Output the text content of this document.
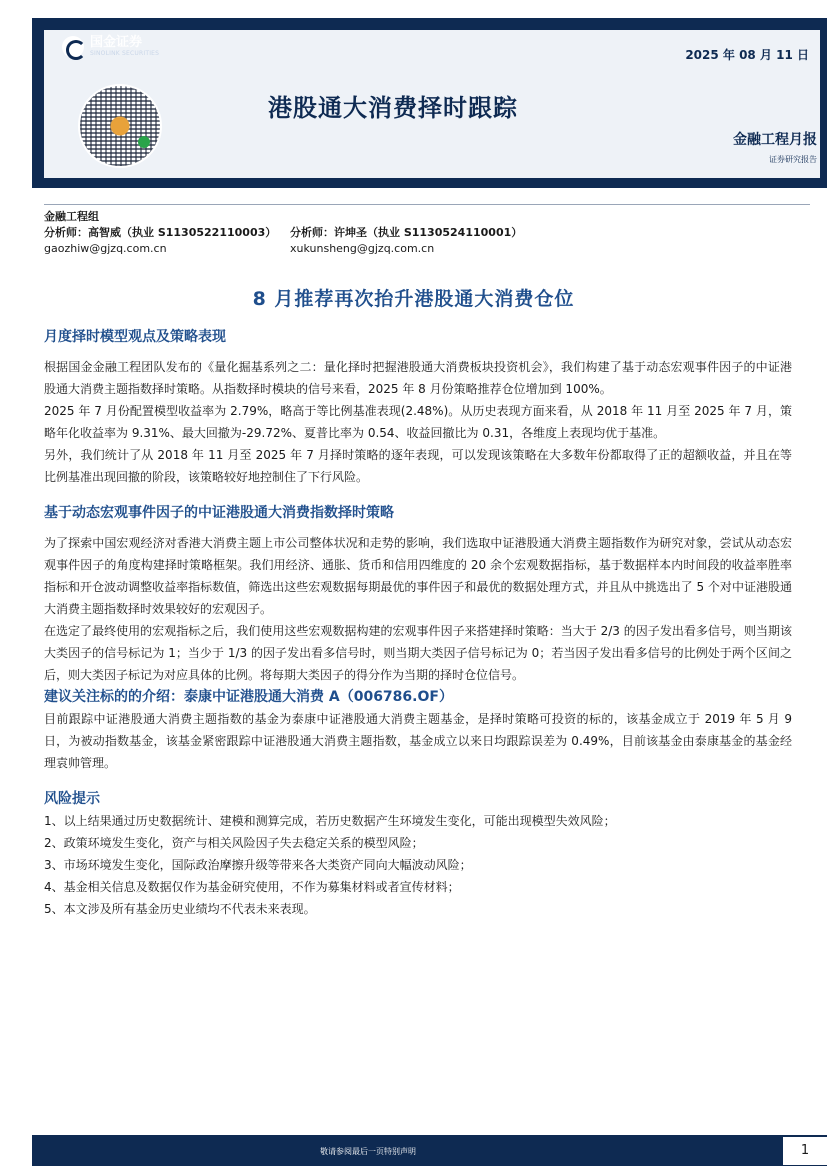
国金证券
SINOLINK SECURITIES	2025 年 08 月 11 日
港股通大消费择时跟踪
金融工程月报
证券研究报告
金融工程组
分析师：高智威（执业 S1130522110003）	分析师：许坤圣（执业 S1130524110001）
gaozhiw@gjzq.com.cn	xukunsheng@gjzq.com.cn
8 月推荐再次抬升港股通大消费仓位
月度择时模型观点及策略表现
根据国金金融工程团队发布的《量化掘基系列之二：量化择时把握港股通大消费板块投资机会》，我们构建了基于动态宏观事件因子的中证港股通大消费主题指数择时策略。从指数择时模块的信号来看，2025 年 8 月份策略推荐仓位增加到 100%。
2025 年 7 月份配置模型收益率为 2.79%，略高于等比例基准表现(2.48%)。从历史表现方面来看，从 2018 年 11 月至 2025 年 7 月，策略年化收益率为 9.31%、最大回撤为-29.72%、夏普比率为 0.54、收益回撤比为 0.31，各维度上表现均优于基准。
另外，我们统计了从 2018 年 11 月至 2025 年 7 月择时策略的逐年表现，可以发现该策略在大多数年份都取得了正的超额收益，并且在等比例基准出现回撤的阶段，该策略较好地控制住了下行风险。
基于动态宏观事件因子的中证港股通大消费指数择时策略
为了探索中国宏观经济对香港大消费主题上市公司整体状况和走势的影响，我们选取中证港股通大消费主题指数作为研究对象，尝试从动态宏观事件因子的角度构建择时策略框架。我们用经济、通胀、货币和信用四维度的 20 余个宏观数据指标，基于数据样本内时间段的收益率胜率指标和开仓波动调整收益率指标数值，筛选出这些宏观数据每期最优的事件因子和最优的数据处理方式，并且从中挑选出了 5 个对中证港股通大消费主题指数择时效果较好的宏观因子。
在选定了最终使用的宏观指标之后，我们使用这些宏观数据构建的宏观事件因子来搭建择时策略：当大于 2/3 的因子发出看多信号，则当期该大类因子的信号标记为 1；当少于 1/3 的因子发出看多信号时，则当期大类因子信号标记为 0；若当因子发出看多信号的比例处于两个区间之后，则大类因子标记为对应具体的比例。将每期大类因子的得分作为当期的择时仓位信号。
建议关注标的的介绍：泰康中证港股通大消费 A（006786.OF）
目前跟踪中证港股通大消费主题指数的基金为泰康中证港股通大消费主题基金，是择时策略可投资的标的，该基金成立于 2019 年 5 月 9 日，为被动指数基金，该基金紧密跟踪中证港股通大消费主题指数，基金成立以来日均跟踪误差为 0.49%，目前该基金由泰康基金的基金经理袁帅管理。
风险提示
1、以上结果通过历史数据统计、建模和测算完成，若历史数据产生环境发生变化，可能出现模型失效风险；
2、政策环境发生变化，资产与相关风险因子失去稳定关系的模型风险；
3、市场环境发生变化，国际政治摩擦升级等带来各大类资产同向大幅波动风险；
4、基金相关信息及数据仅作为基金研究使用，不作为募集材料或者宣传材料；
5、本文涉及所有基金历史业绩均不代表未来表现。
敬请参阅最后一页特别声明	1
